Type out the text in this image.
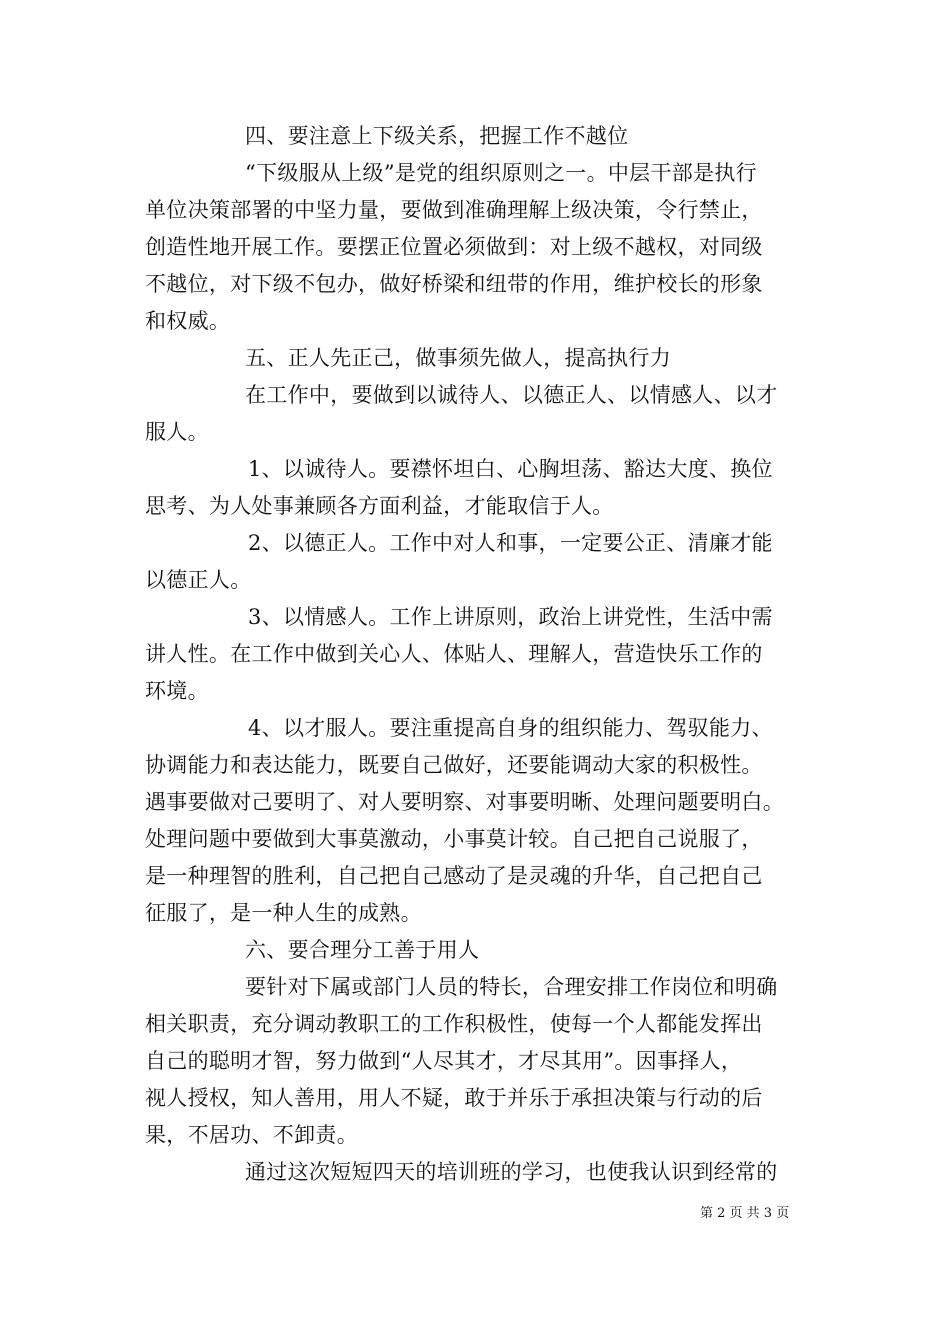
四、要注意上下级关系，把握工作不越位
“下级服从上级”是党的组织原则之一。中层干部是执行
单位决策部署的中坚力量，要做到准确理解上级决策，令行禁止，
创造性地开展工作。要摆正位置必须做到：对上级不越权，对同级
不越位，对下级不包办，做好桥梁和纽带的作用，维护校长的形象
和权威。
五、正人先正己，做事须先做人，提高执行力
在工作中，要做到以诚待人、以德正人、以情感人、以才
服人。
1、以诚待人。要襟怀坦白、心胸坦荡、豁达大度、换位
思考、为人处事兼顾各方面利益，才能取信于人。
2、以德正人。工作中对人和事，一定要公正、清廉才能
以德正人。
3、以情感人。工作上讲原则，政治上讲党性，生活中需
讲人性。在工作中做到关心人、体贴人、理解人，营造快乐工作的
环境。
4、以才服人。要注重提高自身的组织能力、驾驭能力、
协调能力和表达能力，既要自己做好，还要能调动大家的积极性。
遇事要做对己要明了、对人要明察、对事要明晰、处理问题要明白。
处理问题中要做到大事莫激动，小事莫计较。自己把自己说服了，
是一种理智的胜利，自己把自己感动了是灵魂的升华，自己把自己
征服了，是一种人生的成熟。
六、要合理分工善于用人
要针对下属或部门人员的特长，合理安排工作岗位和明确
相关职责，充分调动教职工的工作积极性，使每一个人都能发挥出
自己的聪明才智，努力做到“人尽其才，才尽其用”。因事择人，
视人授权，知人善用，用人不疑，敢于并乐于承担决策与行动的后
果，不居功、不卸责。
通过这次短短四天的培训班的学习，也使我认识到经常的
第 2 页 共 3 页
